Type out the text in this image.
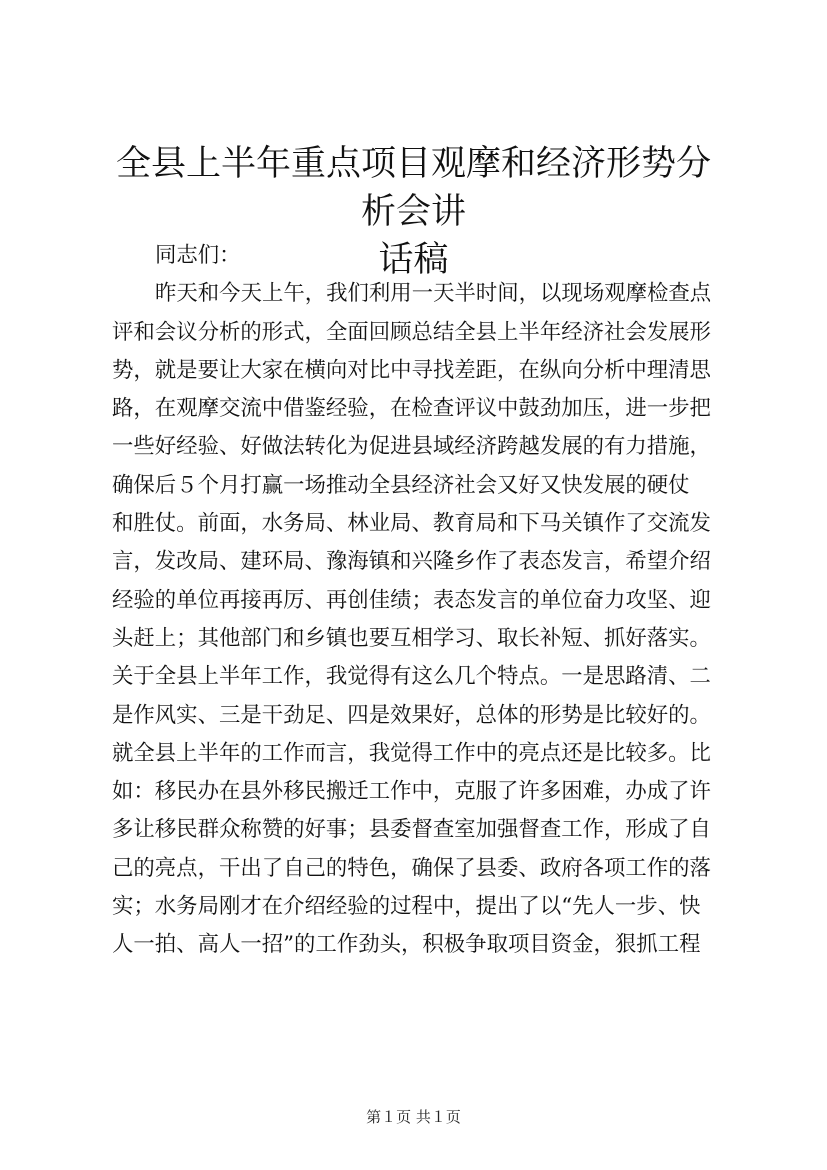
全县上半年重点项目观摩和经济形势分析会讲
话稿

同志们：

昨天和今天上午，我们利用一天半时间，以现场观摩检查点
评和会议分析的形式，全面回顾总结全县上半年经济社会发展形
势，就是要让大家在横向对比中寻找差距，在纵向分析中理清思
路，在观摩交流中借鉴经验，在检查评议中鼓劲加压，进一步把
一些好经验、好做法转化为促进县域经济跨越发展的有力措施，
确保后５个月打赢一场推动全县经济社会又好又快发展的硬仗
和胜仗。前面，水务局、林业局、教育局和下马关镇作了交流发
言，发改局、建环局、豫海镇和兴隆乡作了表态发言，希望介绍
经验的单位再接再厉、再创佳绩；表态发言的单位奋力攻坚、迎
头赶上；其他部门和乡镇也要互相学习、取长补短、抓好落实。
关于全县上半年工作，我觉得有这么几个特点。一是思路清、二
是作风实、三是干劲足、四是效果好，总体的形势是比较好的。
就全县上半年的工作而言，我觉得工作中的亮点还是比较多。比
如：移民办在县外移民搬迁工作中，克服了许多困难，办成了许
多让移民群众称赞的好事；县委督查室加强督查工作，形成了自
己的亮点，干出了自己的特色，确保了县委、政府各项工作的落
实；水务局刚才在介绍经验的过程中，提出了以“先人一步、快
人一拍、高人一招”的工作劲头，积极争取项目资金，狠抓工程

第１页 共１页
